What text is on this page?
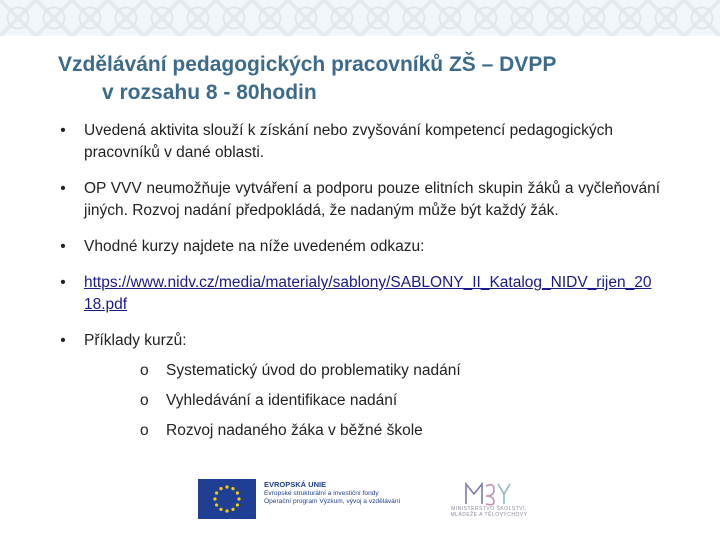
Vzdělávání pedagogických pracovníků ZŠ – DVPP
v rozsahu 8 - 80hodin
• Uvedená aktivita slouží k získání nebo zvyšování kompetencí pedagogických pracovníků v dané oblasti.
• OP VVV neumožňuje vytváření a podporu pouze elitních skupin žáků a vyčleňování jiných. Rozvoj nadání předpokládá, že nadaným může být každý žák.
• Vhodné kurzy najdete na níže uvedeném odkazu:
• https://www.nidv.cz/media/materialy/sablony/SABLONY_II_Katalog_NIDV_rijen_2018.pdf
• Příklady kurzů:
o Systematický úvod do problematiky nadání
o Vyhledávání a identifikace nadání
o Rozvoj nadaného žáka v běžné škole
EVROPSKÁ UNIE
Evropské strukturální a investiční fondy
Operační program Výzkum, vývoj a vzdělávání
MINISTERSTVO ŠKOLSTVÍ, MLÁDEŽE A TĚLOVÝCHOVY
